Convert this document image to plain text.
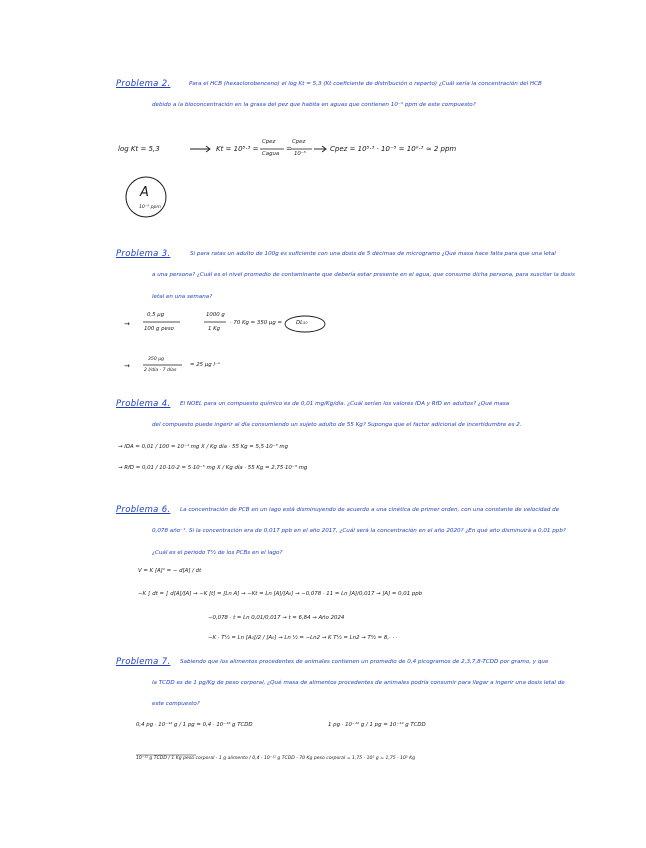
Problema 2.	Para el HCB (hexaclorobenceno) el log Kt = 5,3 (Kt coeficiente de distribución o reparto) ¿Cuál sería la concentración del HCB
debido a la bioconcentración en la grasa del pez que habita en aguas que contienen 10⁻⁵ ppm de este compuesto?
log Kt = 5,3	Kt = 10⁵·³ =
Cpez
Cagua
=
Cpez
10⁻⁵
Cpez = 10⁵·³ · 10⁻⁵ = 10⁰·³ ≈ 2 ppm
A
10⁻⁵ ppm
Problema 3.	Si para ratas un adulto de 100g es suficiente con una dosis de 5 décimas de microgramo ¿Qué masa hace falta para que una letal
a una persona? ¿Cuál es el nivel promedio de contaminante que debería estar presente en el agua, que consume dicha persona, para suscitar la dosis
letal en una semana?
→
0,5 μg
100 g peso
1000 g
1 Kg
· 70 Kg = 350 μg =	DL₅₀
→
350 μg
2 l/día · 7 días
= 25 μg l⁻¹
Problema 4. El NOEL para un compuesto químico es de 0,01 mg/Kg/día. ¿Cuál serían los valores IDA y RfD en adultos? ¿Qué masa
del compuesto puede ingerir al día consumiendo un sujeto adulto de 55 Kg? Suponga que el factor adicional de incertidumbre es 2.
→ IDA = 0,01 / 100 = 10⁻⁴ mg X / Kg día · 55 Kg = 5,5·10⁻³ mg
→ RfD = 0,01 / 10·10·2 = 5·10⁻⁵ mg X / Kg día · 55 Kg = 2,75·10⁻³ mg
Problema 6. La concentración de PCB en un lago está disminuyendo de acuerdo a una cinética de primer orden, con una constante de velocidad de
0,078 año⁻¹. Si la concentración era de 0,017 ppb en el año 2017, ¿Cuál será la concentración en el año 2020? ¿En qué año disminuirá a 0,01 ppb?
¿Cuál es el periodo T½ de los PCBs en el lago?
V = K [A]¹ = − d[A] / dt
−K ∫ dt = ∫ d[A]/[A] → −K [t] = [Ln A] → −Kt = Ln [A]/[A₀] → −0,078 · 11 = Ln [A]/0,017 → [A] = 0,01 ppb
−0,078 · t = Ln 0,01/0,017 → t = 6,84 → Año 2024
−K · T½ = Ln [A₀]/2 / [A₀] → Ln ½ = −Ln2 → K T½ = Ln2 → T½ = 8,· · ·
Problema 7. Sabiendo que los alimentos procedentes de animales contienen un promedio de 0,4 picogramos de 2,3,7,8-TCDD por gramo, y que
la TCDD es de 1 pg/Kg de peso corporal, ¿Qué masa de alimentos procedentes de animales podría consumir para llegar a ingerir una dosis letal de
este compuesto?
0,4 pg · 10⁻¹² g / 1 pg = 0,4 · 10⁻¹² g TCDD	1 pg · 10⁻¹² g / 1 pg = 10⁻¹² g TCDD
10⁻¹² g TCDD / 1 Kg peso corporal · 1 g alimento / 0,4 · 10⁻¹² g TCDD · 70 Kg peso corporal = 1,75 · 10² g = 1,75 · 10⁵ Kg
